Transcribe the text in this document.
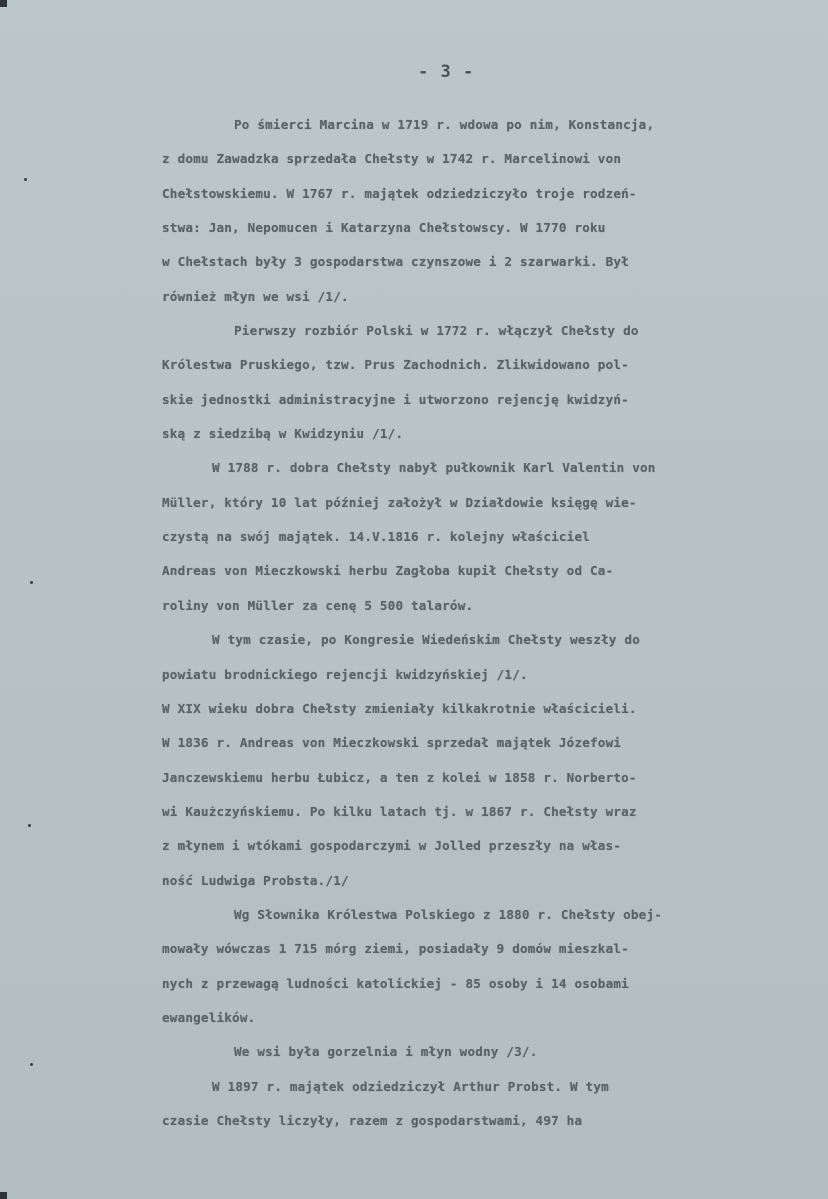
- 3 -
Po śmierci Marcina w 1719 r. wdowa po nim, Konstancja,
z domu Zawadzka sprzedała Chełsty w 1742 r. Marcelinowi von
Chełstowskiemu. W 1767 r. majątek odziedziczyło troje rodzeń-
stwa: Jan, Nepomucen i Katarzyna Chełstowscy. W 1770 roku
w Chełstach były 3 gospodarstwa czynszowe i 2 szarwarki. Był
również młyn we wsi /1/.
Pierwszy rozbiór Polski w 1772 r. włączył Chełsty do
Królestwa Pruskiego, tzw. Prus Zachodnich. Zlikwidowano pol-
skie jednostki administracyjne i utworzono rejencję kwidzyń-
ską z siedzibą w Kwidzyniu /1/.
W 1788 r. dobra Chełsty nabył pułkownik Karl Valentin von
Müller, który 10 lat później założył w Działdowie księgę wie-
czystą na swój majątek. 14.V.1816 r. kolejny właściciel
Andreas von Mieczkowski herbu Zagłoba kupił Chełsty od Ca-
roliny von Müller za cenę 5 500 talarów.
W tym czasie, po Kongresie Wiedeńskim Chełsty weszły do
powiatu brodnickiego rejencji kwidzyńskiej /1/.
W XIX wieku dobra Chełsty zmieniały kilkakrotnie właścicieli.
W 1836 r. Andreas von Mieczkowski sprzedał majątek Józefowi
Janczewskiemu herbu Łubicz, a ten z kolei w 1858 r. Norberto-
wi Kaużczyńskiemu. Po kilku latach tj. w 1867 r. Chełsty wraz
z młynem i wtókami gospodarczymi w Jolled przeszły na włas-
ność Ludwiga Probsta./1/
Wg Słownika Królestwa Polskiego z 1880 r. Chełsty obej-
mowały wówczas 1 715 mórg ziemi, posiadały 9 domów mieszkal-
nych z przewagą ludności katolickiej - 85 osoby i 14 osobami
ewangelików.
We wsi była gorzelnia i młyn wodny /3/.
W 1897 r. majątek odziedziczył Arthur Probst. W tym
czasie Chełsty liczyły, razem z gospodarstwami, 497 ha
